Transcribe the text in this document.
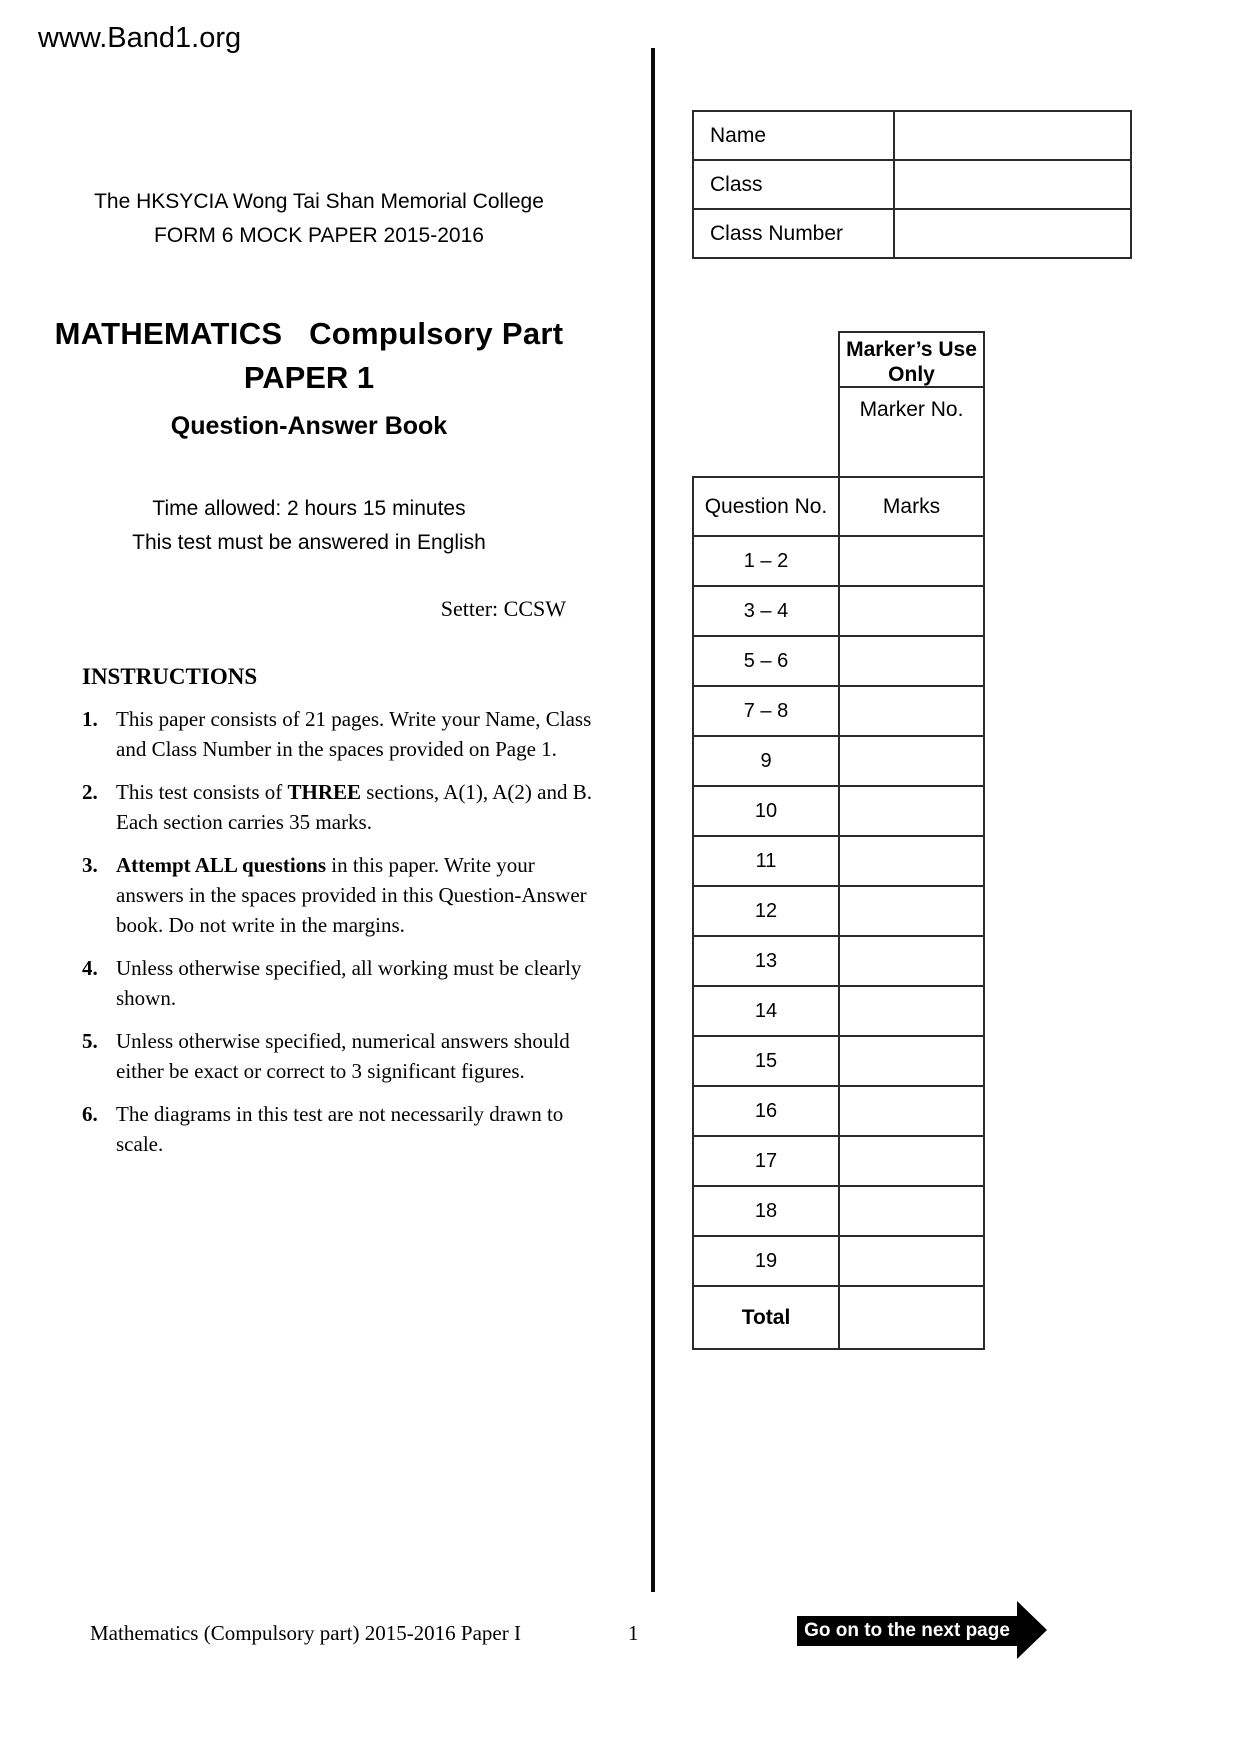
www.Band1.org
The HKSYCIA Wong Tai Shan Memorial College
FORM 6 MOCK PAPER 2015-2016
MATHEMATICS   Compulsory Part
PAPER 1
Question-Answer Book
Time allowed: 2 hours 15 minutes
This test must be answered in English
Setter: CCSW
INSTRUCTIONS
1. This paper consists of 21 pages. Write your Name, Class and Class Number in the spaces provided on Page 1.
2. This test consists of THREE sections, A(1), A(2) and B. Each section carries 35 marks.
3. Attempt ALL questions in this paper. Write your answers in the spaces provided in this Question-Answer book. Do not write in the margins.
4. Unless otherwise specified, all working must be clearly shown.
5. Unless otherwise specified, numerical answers should either be exact or correct to 3 significant figures.
6. The diagrams in this test are not necessarily drawn to scale.
Name
Class
Class Number
Marker’s Use Only
Marker No.
Question No.	Marks
1 – 2
3 – 4
5 – 6
7 – 8
9
10
11
12
13
14
15
16
17
18
19
Total
Mathematics (Compulsory part) 2015-2016 Paper I	1	Go on to the next page
